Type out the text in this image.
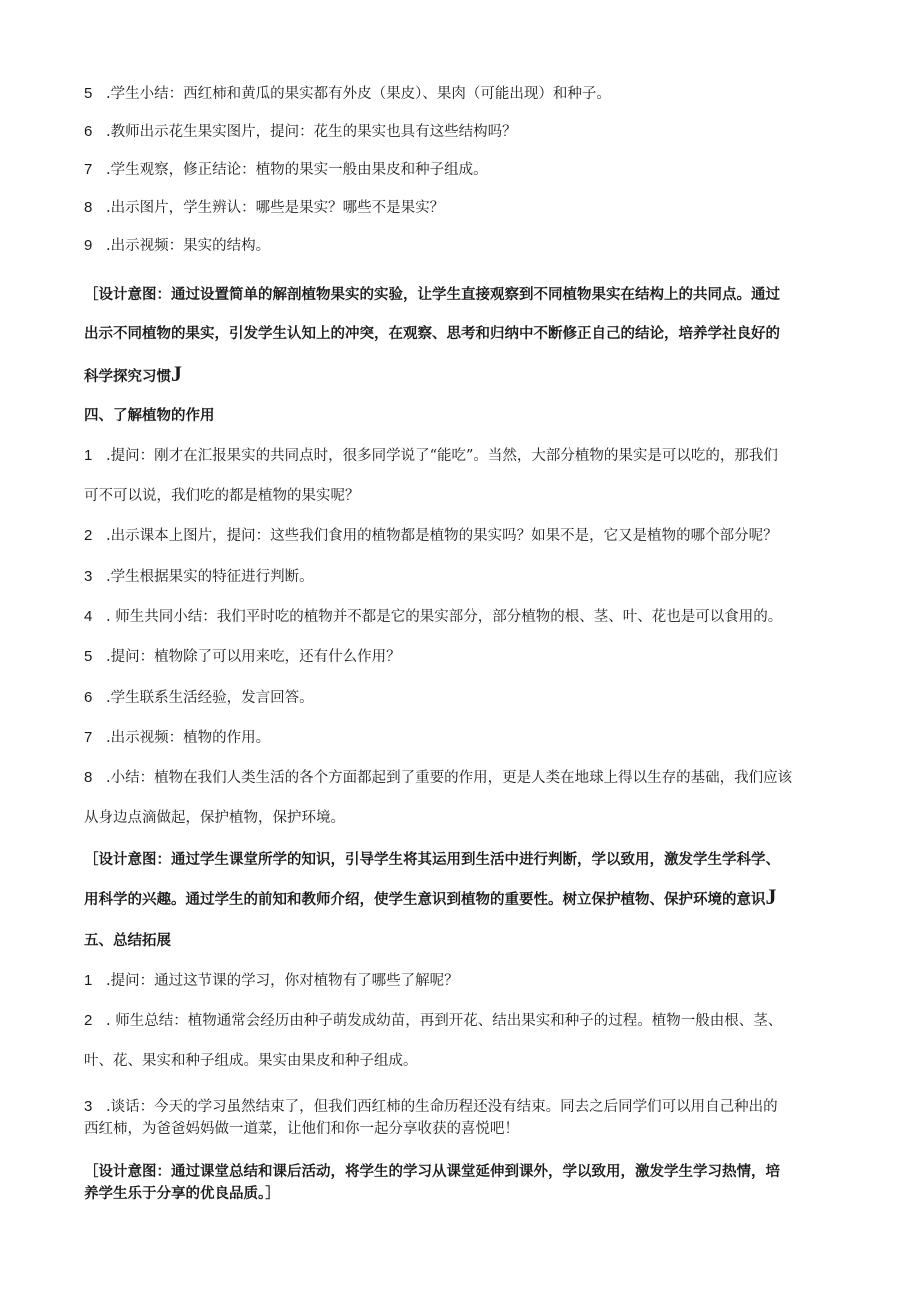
5 .学生小结：西红柿和黄瓜的果实都有外皮（果皮）、果肉（可能出现）和种子。
6 .教师出示花生果实图片，提问：花生的果实也具有这些结构吗？
7 .学生观察，修正结论：植物的果实一般由果皮和种子组成。
8 .出示图片，学生辨认：哪些是果实？哪些不是果实？
9 .出示视频：果实的结构。
［设计意图：通过设置简单的解剖植物果实的实验，让学生直接观察到不同植物果实在结构上的共同点。通过
出示不同植物的果实，引发学生认知上的冲突，在观察、思考和归纳中不断修正自己的结论，培养学社良好的
科学探究习惯J
四、了解植物的作用
1 .提问：刚才在汇报果实的共同点时，很多同学说了“能吃”。当然，大部分植物的果实是可以吃的，那我们
可不可以说，我们吃的都是植物的果实呢？
2 .出示课本上图片，提问：这些我们食用的植物都是植物的果实吗？如果不是，它又是植物的哪个部分呢？
3 .学生根据果实的特征进行判断。
4 . 师生共同小结：我们平时吃的植物并不都是它的果实部分，部分植物的根、茎、叶、花也是可以食用的。
5 .提问：植物除了可以用来吃，还有什么作用？
6 .学生联系生活经验，发言回答。
7 .出示视频：植物的作用。
8 .小结：植物在我们人类生活的各个方面都起到了重要的作用，更是人类在地球上得以生存的基础，我们应该
从身边点滴做起，保护植物，保护环境。
［设计意图：通过学生课堂所学的知识，引导学生将其运用到生活中进行判断，学以致用，激发学生学科学、
用科学的兴趣。通过学生的前知和教师介绍，使学生意识到植物的重要性。树立保护植物、保护环境的意识J
五、总结拓展
1 .提问：通过这节课的学习，你对植物有了哪些了解呢？
2 . 师生总结：植物通常会经历由种子萌发成幼苗，再到开花、结出果实和种子的过程。植物一般由根、茎、
叶、花、果实和种子组成。果实由果皮和种子组成。
3 .谈话：今天的学习虽然结束了，但我们西红柿的生命历程还没有结束。同去之后同学们可以用自己种出的
西红柿，为爸爸妈妈做一道菜，让他们和你一起分享收获的喜悦吧！
［设计意图：通过课堂总结和课后活动，将学生的学习从课堂延伸到课外，学以致用，激发学生学习热情，培
养学生乐于分享的优良品质。］
